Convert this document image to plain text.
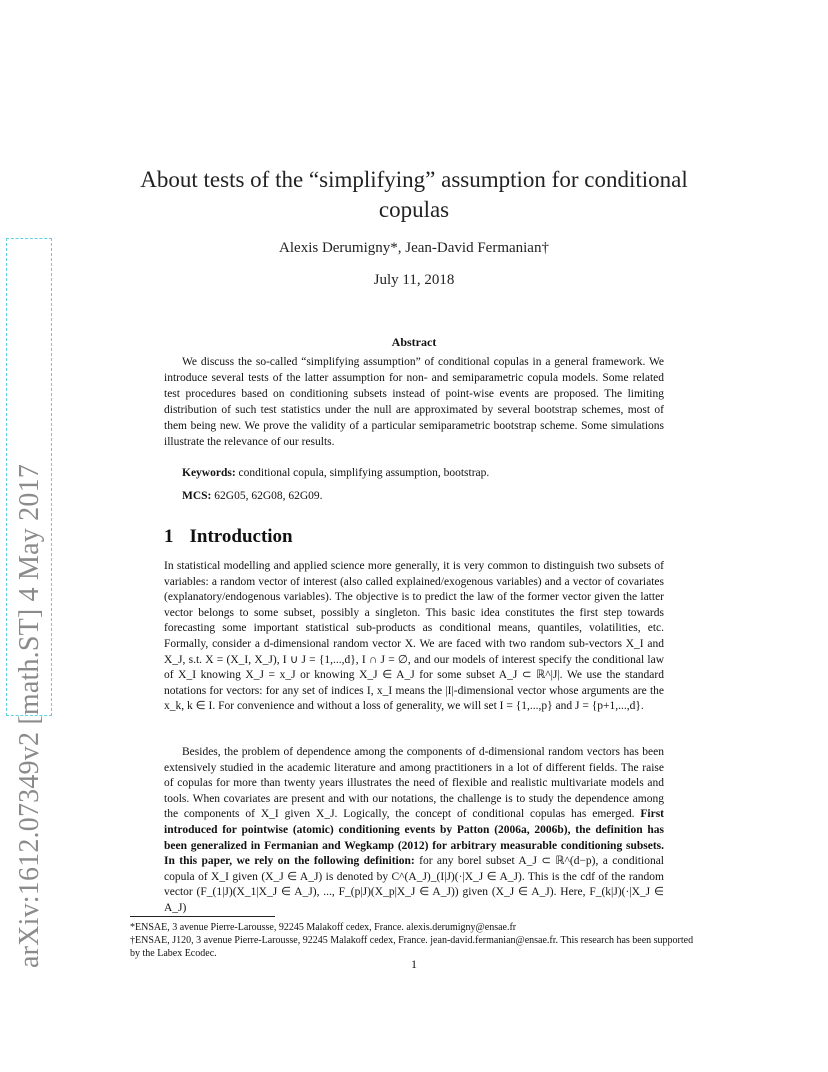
arXiv:1612.07349v2 [math.ST] 4 May 2017
About tests of the “simplifying” assumption for conditional copulas
Alexis Derumigny*, Jean-David Fermanian†
July 11, 2018
Abstract

We discuss the so-called “simplifying assumption” of conditional copulas in a general framework. We introduce several tests of the latter assumption for non- and semiparametric copula models. Some related test procedures based on conditioning subsets instead of point-wise events are proposed. The limiting distribution of such test statistics under the null are approximated by several bootstrap schemes, most of them being new. We prove the validity of a particular semiparametric bootstrap scheme. Some simulations illustrate the relevance of our results.

Keywords: conditional copula, simplifying assumption, bootstrap.
MCS: 62G05, 62G08, 62G09.
1 Introduction

In statistical modelling and applied science more generally, it is very common to distinguish two subsets of variables: a random vector of interest (also called explained/exogenous variables) and a vector of covariates (explanatory/endogenous variables). The objective is to predict the law of the former vector given the latter vector belongs to some subset, possibly a singleton. This basic idea constitutes the first step towards forecasting some important statistical sub-products as conditional means, quantiles, volatilities, etc. Formally, consider a d-dimensional random vector X. We are faced with two random sub-vectors X_I and X_J, s.t. X = (X_I, X_J), I ∪ J = {1,...,d}, I ∩ J = ∅, and our models of interest specify the conditional law of X_I knowing X_J = x_J or knowing X_J ∈ A_J for some subset A_J ⊂ ℝ^|J|. We use the standard notations for vectors: for any set of indices I, x_I means the |I|-dimensional vector whose arguments are the x_k, k ∈ I. For convenience and without a loss of generality, we will set I = {1,...,p} and J = {p+1,...,d}.

Besides, the problem of dependence among the components of d-dimensional random vectors has been extensively studied in the academic literature and among practitioners in a lot of different fields. The raise of copulas for more than twenty years illustrates the need of flexible and realistic multivariate models and tools. When covariates are present and with our notations, the challenge is to study the dependence among the components of X_I given X_J. Logically, the concept of conditional copulas has emerged. First introduced for pointwise (atomic) conditioning events by Patton (2006a, 2006b), the definition has been generalized in Fermanian and Wegkamp (2012) for arbitrary measurable conditioning subsets. In this paper, we rely on the following definition: for any borel subset A_J ⊂ ℝ^(d−p), a conditional copula of X_I given (X_J ∈ A_J) is denoted by C^(A_J)_(I|J)(·|X_J ∈ A_J). This is the cdf of the random vector (F_(1|J)(X_1|X_J ∈ A_J), ..., F_(p|J)(X_p|X_J ∈ A_J)) given (X_J ∈ A_J). Here, F_(k|J)(·|X_J ∈ A_J)

*ENSAE, 3 avenue Pierre-Larousse, 92245 Malakoff cedex, France. alexis.derumigny@ensae.fr

†ENSAE, J120, 3 avenue Pierre-Larousse, 92245 Malakoff cedex, France. jean-david.fermanian@ensae.fr. This research has been supported by the Labex Ecodec.

1
